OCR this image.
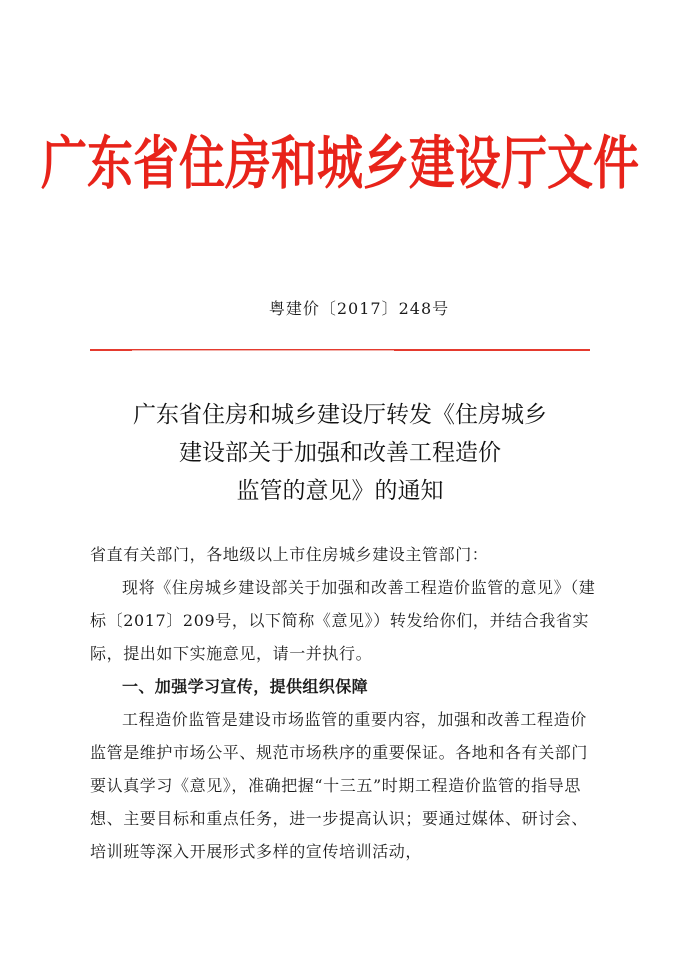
广东省住房和城乡建设厅文件
粤建价〔2017〕248号
广东省住房和城乡建设厅转发《住房城乡
建设部关于加强和改善工程造价
监管的意见》的通知

省直有关部门，各地级以上市住房城乡建设主管部门：

现将《住房城乡建设部关于加强和改善工程造价监管的意见》（建标〔2017〕209号，以下简称《意见》）转发给你们，并结合我省实际，提出如下实施意见，请一并执行。

一、加强学习宣传，提供组织保障

工程造价监管是建设市场监管的重要内容，加强和改善工程造价监管是维护市场公平、规范市场秩序的重要保证。各地和各有关部门要认真学习《意见》，准确把握“十三五”时期工程造价监管的指导思想、主要目标和重点任务，进一步提高认识；要通过媒体、研讨会、培训班等深入开展形式多样的宣传培训活动，
